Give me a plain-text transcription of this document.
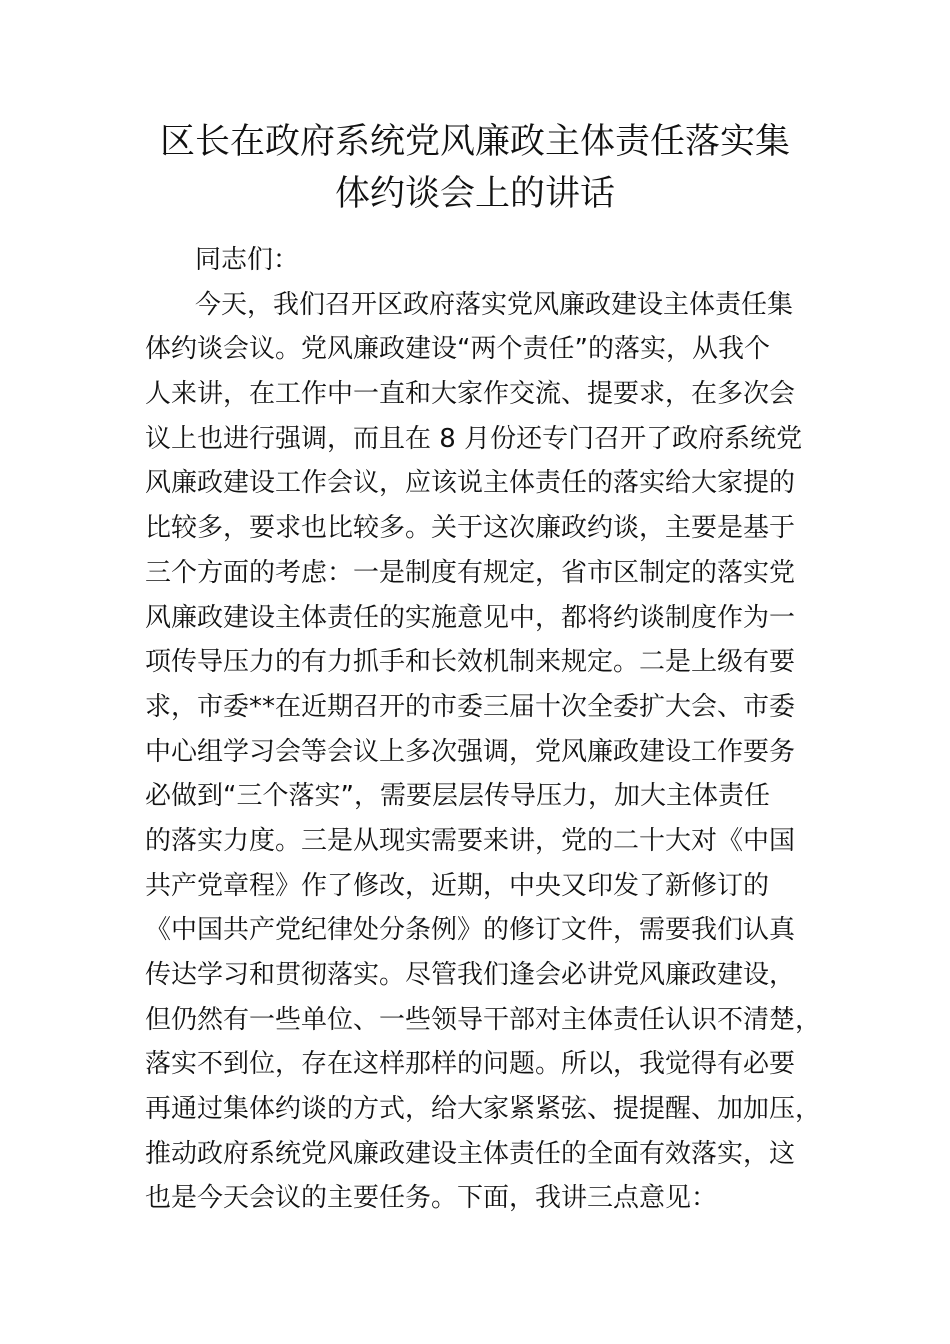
区长在政府系统党风廉政主体责任落实集
体约谈会上的讲话
同志们：
今天，我们召开区政府落实党风廉政建设主体责任集
体约谈会议。党风廉政建设“两个责任”的落实，从我个
人来讲，在工作中一直和大家作交流、提要求，在多次会
议上也进行强调，而且在 8 月份还专门召开了政府系统党
风廉政建设工作会议，应该说主体责任的落实给大家提的
比较多，要求也比较多。关于这次廉政约谈，主要是基于
三个方面的考虑：一是制度有规定，省市区制定的落实党
风廉政建设主体责任的实施意见中，都将约谈制度作为一
项传导压力的有力抓手和长效机制来规定。二是上级有要
求，市委**在近期召开的市委三届十次全委扩大会、市委
中心组学习会等会议上多次强调，党风廉政建设工作要务
必做到“三个落实”，需要层层传导压力，加大主体责任
的落实力度。三是从现实需要来讲，党的二十大对《中国
共产党章程》作了修改，近期，中央又印发了新修订的
《中国共产党纪律处分条例》的修订文件，需要我们认真
传达学习和贯彻落实。尽管我们逢会必讲党风廉政建设，
但仍然有一些单位、一些领导干部对主体责任认识不清楚，
落实不到位，存在这样那样的问题。所以，我觉得有必要
再通过集体约谈的方式，给大家紧紧弦、提提醒、加加压，
推动政府系统党风廉政建设主体责任的全面有效落实，这
也是今天会议的主要任务。下面，我讲三点意见：
